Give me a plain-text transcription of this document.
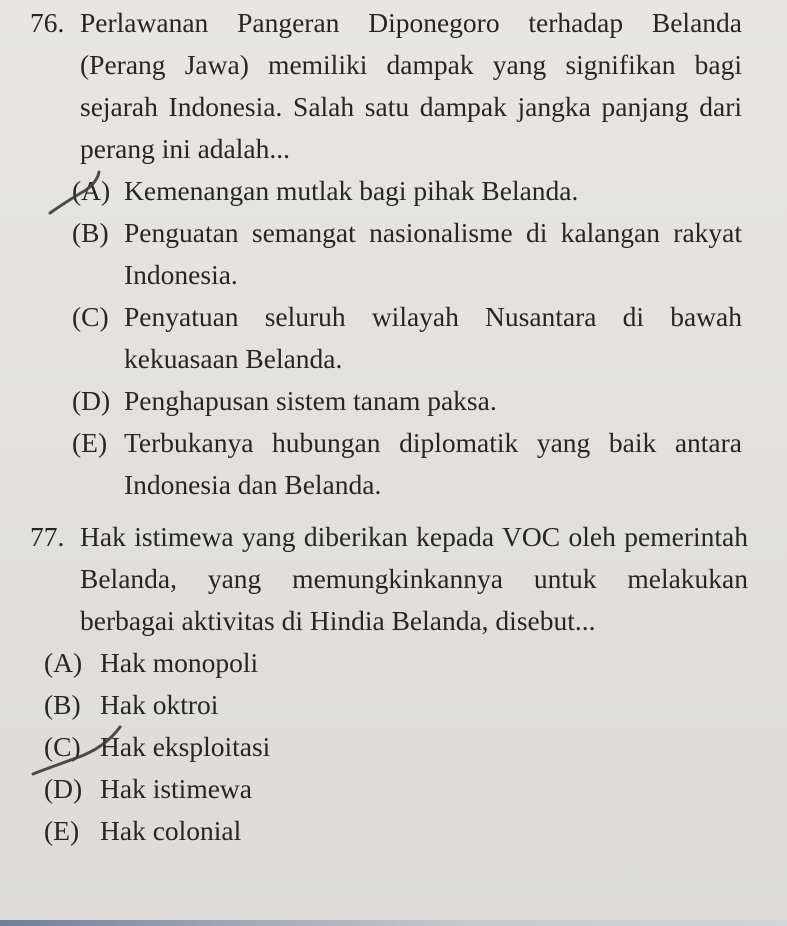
76. Perlawanan Pangeran Diponegoro terhadap Belanda (Perang Jawa) memiliki dampak yang signifikan bagi sejarah Indonesia. Salah satu dampak jangka panjang dari perang ini adalah...
(A) Kemenangan mutlak bagi pihak Belanda.
(B) Penguatan semangat nasionalisme di kalangan rakyat Indonesia.
(C) Penyatuan seluruh wilayah Nusantara di bawah kekuasaan Belanda.
(D) Penghapusan sistem tanam paksa.
(E) Terbukanya hubungan diplomatik yang baik antara Indonesia dan Belanda.
77. Hak istimewa yang diberikan kepada VOC oleh pemerintah Belanda, yang memungkinkannya untuk melakukan berbagai aktivitas di Hindia Belanda, disebut...
(A) Hak monopoli
(B) Hak oktroi
(C) Hak eksploitasi
(D) Hak istimewa
(E) Hak colonial
